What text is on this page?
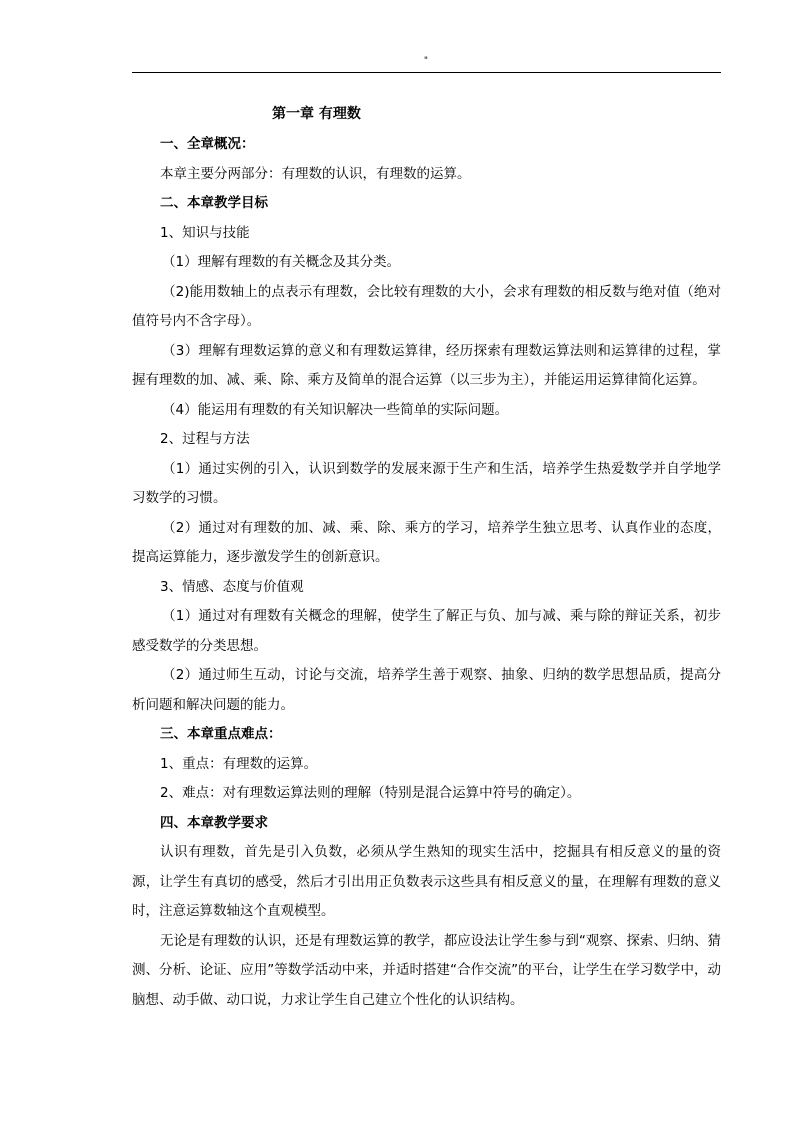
"
第一章 有理数
一、全章概况：
本章主要分两部分：有理数的认识，有理数的运算。
二、本章教学目标
1、知识与技能
（1）理解有理数的有关概念及其分类。
（2)能用数轴上的点表示有理数，会比较有理数的大小，会求有理数的相反数与绝对值（绝对值符号内不含字母）。
（3）理解有理数运算的意义和有理数运算律，经历探索有理数运算法则和运算律的过程，掌握有理数的加、减、乘、除、乘方及简单的混合运算（以三步为主），并能运用运算律简化运算。
（4）能运用有理数的有关知识解决一些简单的实际问题。
2、过程与方法
（1）通过实例的引入，认识到数学的发展来源于生产和生活，培养学生热爱数学并自学地学习数学的习惯。
（2）通过对有理数的加、减、乘、除、乘方的学习，培养学生独立思考、认真作业的态度，提高运算能力，逐步激发学生的创新意识。
3、情感、态度与价值观
（1）通过对有理数有关概念的理解，使学生了解正与负、加与减、乘与除的辩证关系，初步感受数学的分类思想。
（2）通过师生互动，讨论与交流，培养学生善于观察、抽象、归纳的数学思想品质，提高分析问题和解决问题的能力。
三、本章重点难点：
1、重点：有理数的运算。
2、难点：对有理数运算法则的理解（特别是混合运算中符号的确定）。
四、本章教学要求
认识有理数，首先是引入负数，必须从学生熟知的现实生活中，挖掘具有相反意义的量的资源，让学生有真切的感受，然后才引出用正负数表示这些具有相反意义的量，在理解有理数的意义时，注意运算数轴这个直观模型。
无论是有理数的认识，还是有理数运算的教学，都应设法让学生参与到“观察、探索、归纳、猜测、分析、论证、应用”等数学活动中来，并适时搭建“合作交流”的平台，让学生在学习数学中，动脑想、动手做、动口说，力求让学生自己建立个性化的认识结构。
